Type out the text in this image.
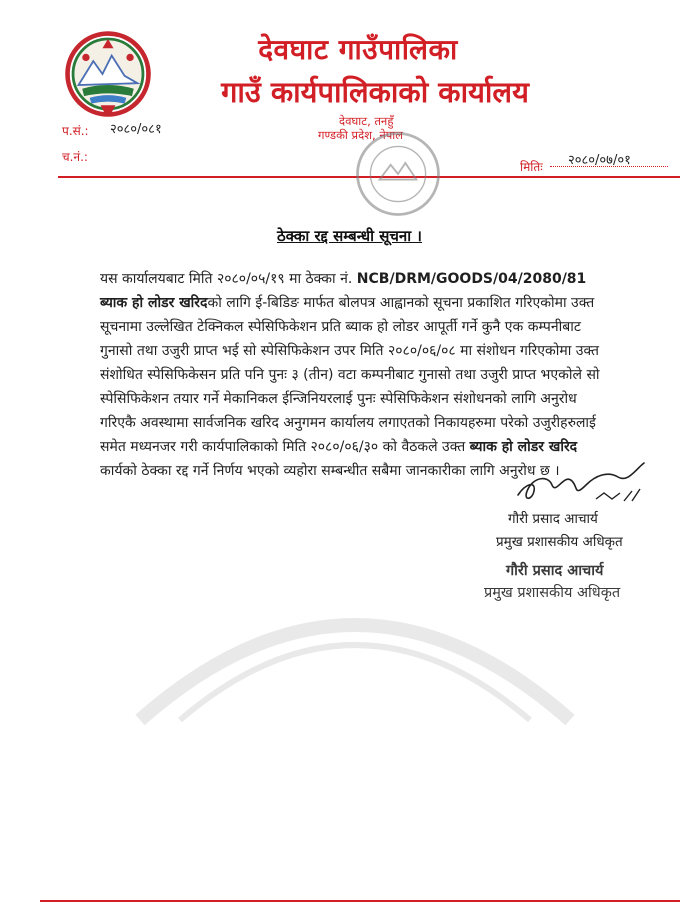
देवघाट गाउँपालिका
गाउँ कार्यपालिकाको कार्यालय
देवघाट, तनहुँ
गण्डकी प्रदेश, नेपाल
प.सं.: २०८०/०८१
च.नं.:
मितिः २०८०/०७/०१
ठेक्का रद्द सम्बन्धी सूचना ।
यस कार्यालयबाट मिति २०८०/०५/१९ मा ठेक्का नं. NCB/DRM/GOODS/04/2080/81
ब्याक हो लोडर खरिदको लागि ई-बिडिङ मार्फत बोलपत्र आह्वानको सूचना प्रकाशित गरिएकोमा उक्त
सूचनामा उल्लेखित टेक्निकल स्पेसिफिकेशन प्रति ब्याक हो लोडर आपूर्ती गर्ने कुनै एक कम्पनीबाट
गुनासो तथा उजुरी प्राप्त भई सो स्पेसिफिकेशन उपर मिति २०८०/०६/०८ मा संशोधन गरिएकोमा उक्त
संशोधित स्पेसिफिकेसन प्रति पनि पुनः ३ (तीन) वटा कम्पनीबाट गुनासो तथा उजुरी प्राप्त भएकोले सो
स्पेसिफिकेशन तयार गर्ने मेकानिकल ईन्जिनियरलाई पुनः स्पेसिफिकेशन संशोधनको लागि अनुरोध
गरिएकै अवस्थामा सार्वजनिक खरिद अनुगमन कार्यालय लगाएतको निकायहरुमा परेको उजुरीहरुलाई
समेत मध्यनजर गरी कार्यपालिकाको मिति २०८०/०६/३० को वैठकले उक्त ब्याक हो लोडर खरिद
कार्यको ठेक्का रद्द गर्ने निर्णय भएको व्यहोरा सम्बन्धीत सबैमा जानकारीका लागि अनुरोध छ ।
गौरी प्रसाद आचार्य
प्रमुख प्रशासकीय अधिकृत
गौरी प्रसाद आचार्य
प्रमुख प्रशासकीय अधिकृत
